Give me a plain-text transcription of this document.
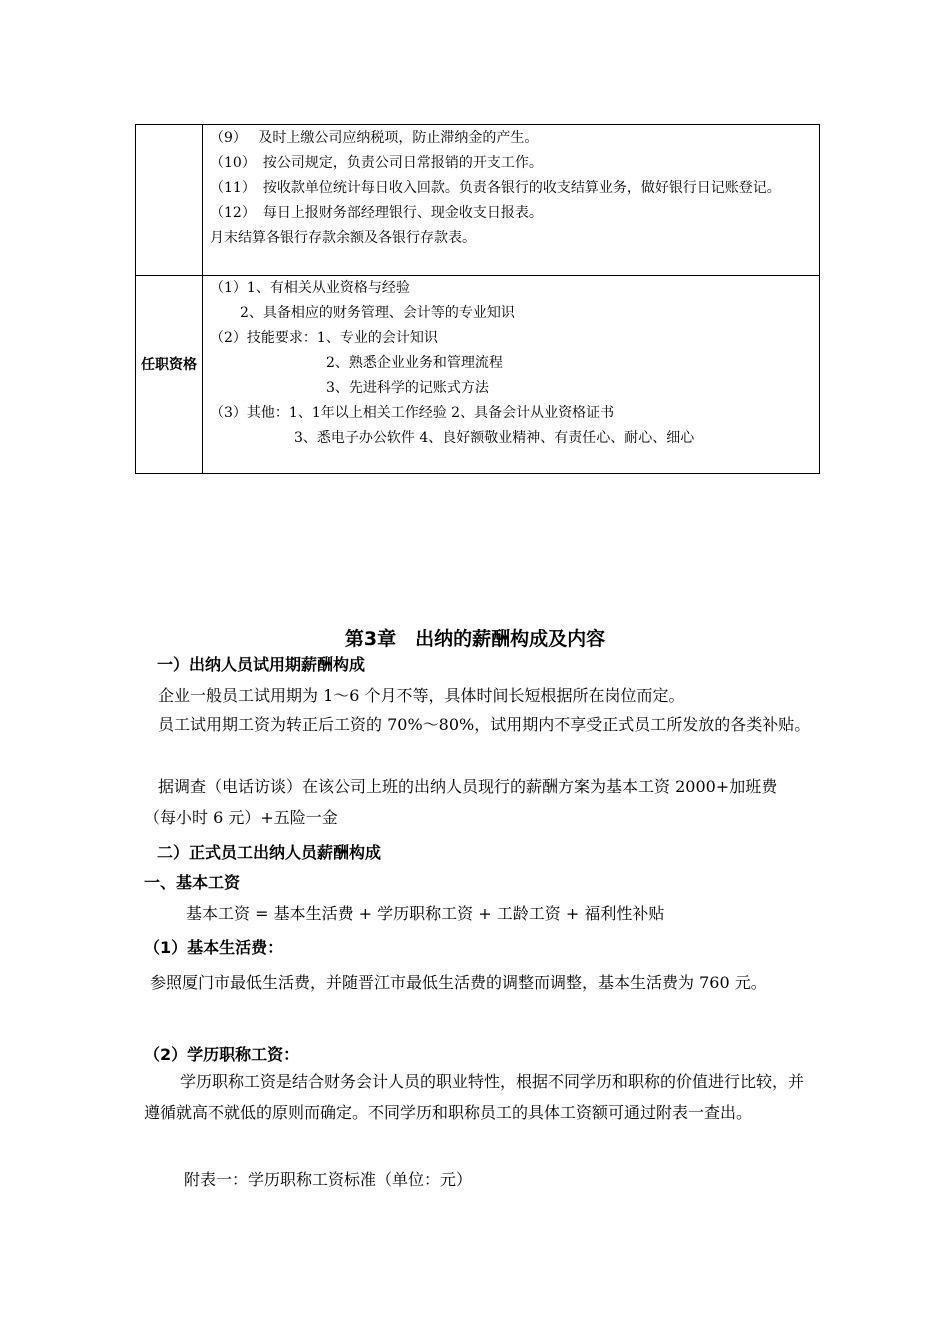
（9）　 及时上缴公司应纳税项，防止滞纳金的产生。
（10）　按公司规定，负责公司日常报销的开支工作。
（11）　按收款单位统计每日收入回款。负责各银行的收支结算业务，做好银行日记账登记。
（12）　每日上报财务部经理银行、现金收支日报表。
月末结算各银行存款余额及各银行存款表。
任职资格
（1）1、有相关从业资格与经验
2、具备相应的财务管理、会计等的专业知识
（2）技能要求：1、专业的会计知识
2、熟悉企业业务和管理流程
3、先进科学的记账式方法
（3）其他：1、1年以上相关工作经验 2、具备会计从业资格证书
3、悉电子办公软件 4、良好额敬业精神、有责任心、耐心、细心
第3章　出纳的薪酬构成及内容
一）出纳人员试用期薪酬构成
企业一般员工试用期为 1～6 个月不等，具体时间长短根据所在岗位而定。
员工试用期工资为转正后工资的 70%～80%，试用期内不享受正式员工所发放的各类补贴。
据调查（电话访谈）在该公司上班的出纳人员现行的薪酬方案为基本工资 2000+加班费（每小时 6 元）+五险一金
二）正式员工出纳人员薪酬构成
一、基本工资
基本工资 = 基本生活费 + 学历职称工资 + 工龄工资 + 福利性补贴
（1）基本生活费：
参照厦门市最低生活费，并随晋江市最低生活费的调整而调整，基本生活费为 760 元。
（2）学历职称工资：
学历职称工资是结合财务会计人员的职业特性，根据不同学历和职称的价值进行比较，并遵循就高不就低的原则而确定。不同学历和职称员工的具体工资额可通过附表一查出。
附表一：学历职称工资标准（单位：元）
